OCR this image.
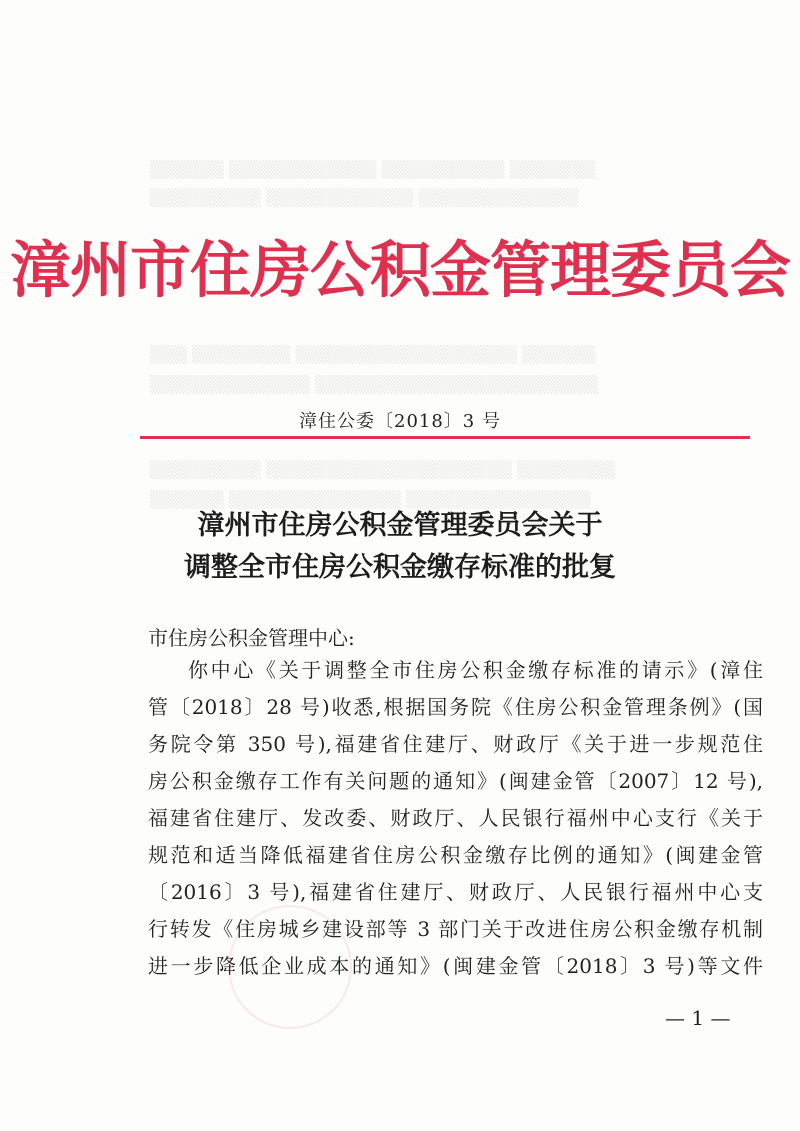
▒▒▒▒▒▒ ▒▒▒▒▒▒▒▒▒▒▒▒ ▒▒▒▒▒▒▒▒▒▒ ▒▒▒▒▒▒▒
▒▒▒▒▒▒▒▒▒ ▒▒▒▒▒▒▒▒▒▒▒▒ ▒▒▒▒▒▒▒▒▒▒▒▒▒
▒▒▒ ▒▒▒▒▒▒▒▒ ▒▒▒▒▒▒▒▒▒▒▒▒▒▒▒▒▒▒ ▒▒▒▒▒▒
▒▒▒▒▒▒▒▒▒▒▒▒▒ ▒▒▒▒▒▒▒▒▒▒▒▒▒▒▒▒▒▒▒▒▒▒▒
▒▒▒▒▒▒▒▒▒ ▒▒▒▒▒▒▒▒▒▒▒▒▒▒▒▒▒▒▒▒ ▒▒▒▒▒▒▒▒
▒▒▒▒▒▒ ▒▒▒▒▒▒▒▒▒▒▒▒▒▒ ▒▒▒▒▒▒▒▒▒▒▒▒▒▒▒
漳州市住房公积金管理委员会
漳住公委〔2018〕3 号
漳州市住房公积金管理委员会关于
调整全市住房公积金缴存标准的批复
市住房公积金管理中心:
你中心《关于调整全市住房公积金缴存标准的请示》(漳住
管〔2018〕28 号)收悉,根据国务院《住房公积金管理条例》(国
务院令第 350 号),福建省住建厅、财政厅《关于进一步规范住
房公积金缴存工作有关问题的通知》(闽建金管〔2007〕12 号),
福建省住建厅、发改委、财政厅、人民银行福州中心支行《关于
规范和适当降低福建省住房公积金缴存比例的通知》(闽建金管
〔2016〕3 号),福建省住建厅、财政厅、人民银行福州中心支
行转发《住房城乡建设部等 3 部门关于改进住房公积金缴存机制
进一步降低企业成本的通知》(闽建金管〔2018〕3 号)等文件
— 1 —
